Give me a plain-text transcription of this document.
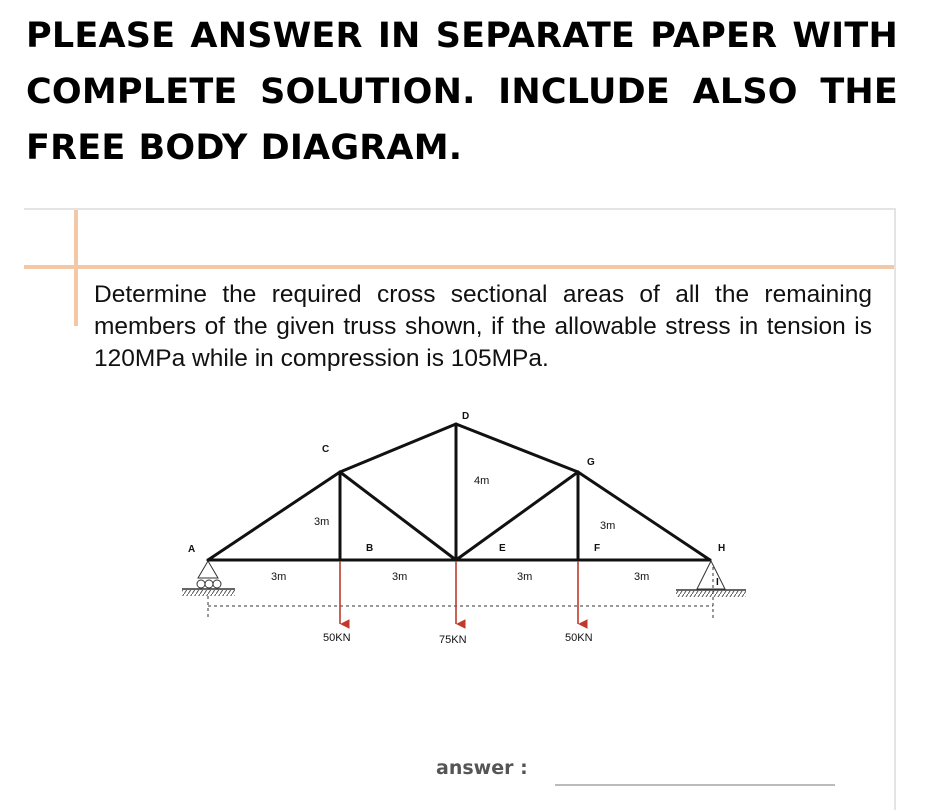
PLEASE ANSWER IN SEPARATE PAPER WITH
COMPLETE SOLUTION. INCLUDE ALSO THE
FREE BODY DIAGRAM.
Determine the required cross sectional areas of all the remaining members of the given truss shown, if the allowable stress in tension is 120MPa while in compression is 105MPa.
A	B
C
D
E	F
G
H
I
4m
3m	3m
3m	3m	3m	3m
50KN	75KN	50KN
answer :
